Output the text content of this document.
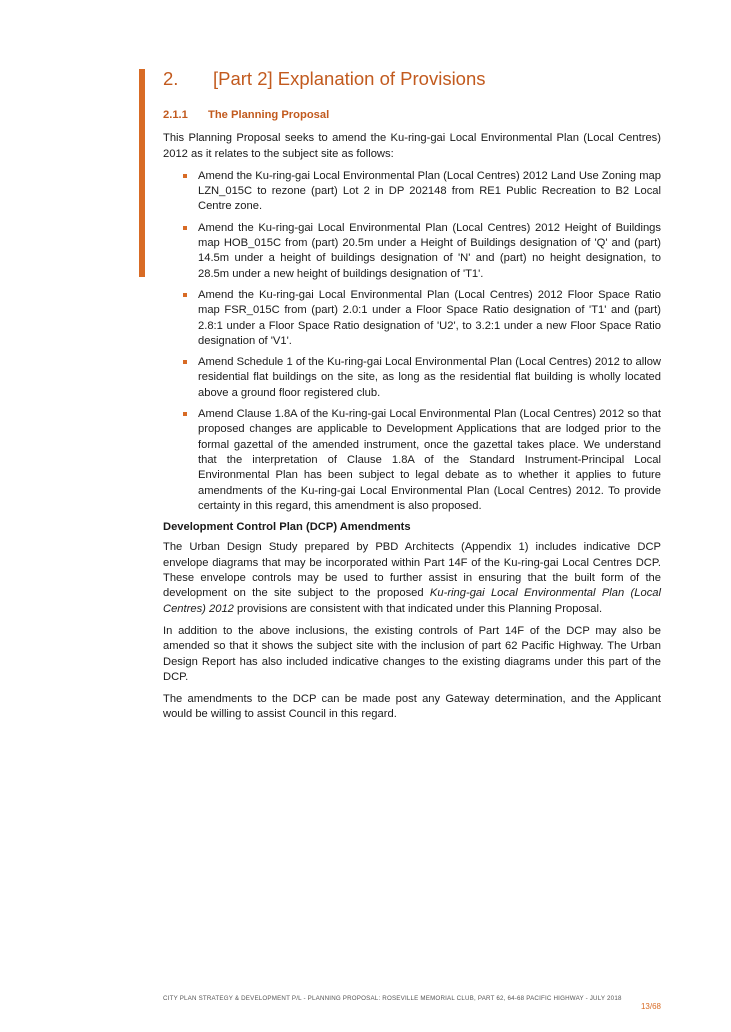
2. [Part 2] Explanation of Provisions
2.1.1 The Planning Proposal

This Planning Proposal seeks to amend the Ku-ring-gai Local Environmental Plan (Local Centres) 2012 as it relates to the subject site as follows:

Amend the Ku-ring-gai Local Environmental Plan (Local Centres) 2012 Land Use Zoning map LZN_015C to rezone (part) Lot 2 in DP 202148 from RE1 Public Recreation to B2 Local Centre zone.
Amend the Ku-ring-gai Local Environmental Plan (Local Centres) 2012 Height of Buildings map HOB_015C from (part) 20.5m under a Height of Buildings designation of 'Q' and (part) 14.5m under a height of buildings designation of 'N' and (part) no height designation, to 28.5m under a new height of buildings designation of 'T1'.
Amend the Ku-ring-gai Local Environmental Plan (Local Centres) 2012 Floor Space Ratio map FSR_015C from (part) 2.0:1 under a Floor Space Ratio designation of 'T1' and (part) 2.8:1 under a Floor Space Ratio designation of 'U2', to 3.2:1 under a new Floor Space Ratio designation of 'V1'.
Amend Schedule 1 of the Ku-ring-gai Local Environmental Plan (Local Centres) 2012 to allow residential flat buildings on the site, as long as the residential flat building is wholly located above a ground floor registered club.
Amend Clause 1.8A of the Ku-ring-gai Local Environmental Plan (Local Centres) 2012 so that proposed changes are applicable to Development Applications that are lodged prior to the formal gazettal of the amended instrument, once the gazettal takes place. We understand that the interpretation of Clause 1.8A of the Standard Instrument-Principal Local Environmental Plan has been subject to legal debate as to whether it applies to future amendments of the Ku-ring-gai Local Environmental Plan (Local Centres) 2012. To provide certainty in this regard, this amendment is also proposed.
Development Control Plan (DCP) Amendments

The Urban Design Study prepared by PBD Architects (Appendix 1) includes indicative DCP envelope diagrams that may be incorporated within Part 14F of the Ku-ring-gai Local Centres DCP. These envelope controls may be used to further assist in ensuring that the built form of the development on the site subject to the proposed Ku-ring-gai Local Environmental Plan (Local Centres) 2012 provisions are consistent with that indicated under this Planning Proposal.

In addition to the above inclusions, the existing controls of Part 14F of the DCP may also be amended so that it shows the subject site with the inclusion of part 62 Pacific Highway. The Urban Design Report has also included indicative changes to the existing diagrams under this part of the DCP.

The amendments to the DCP can be made post any Gateway determination, and the Applicant would be willing to assist Council in this regard.

CITY PLAN STRATEGY & DEVELOPMENT P/L - PLANNING PROPOSAL: ROSEVILLE MEMORIAL CLUB, PART 62, 64-68 PACIFIC HIGHWAY - JULY 2018
13/68
